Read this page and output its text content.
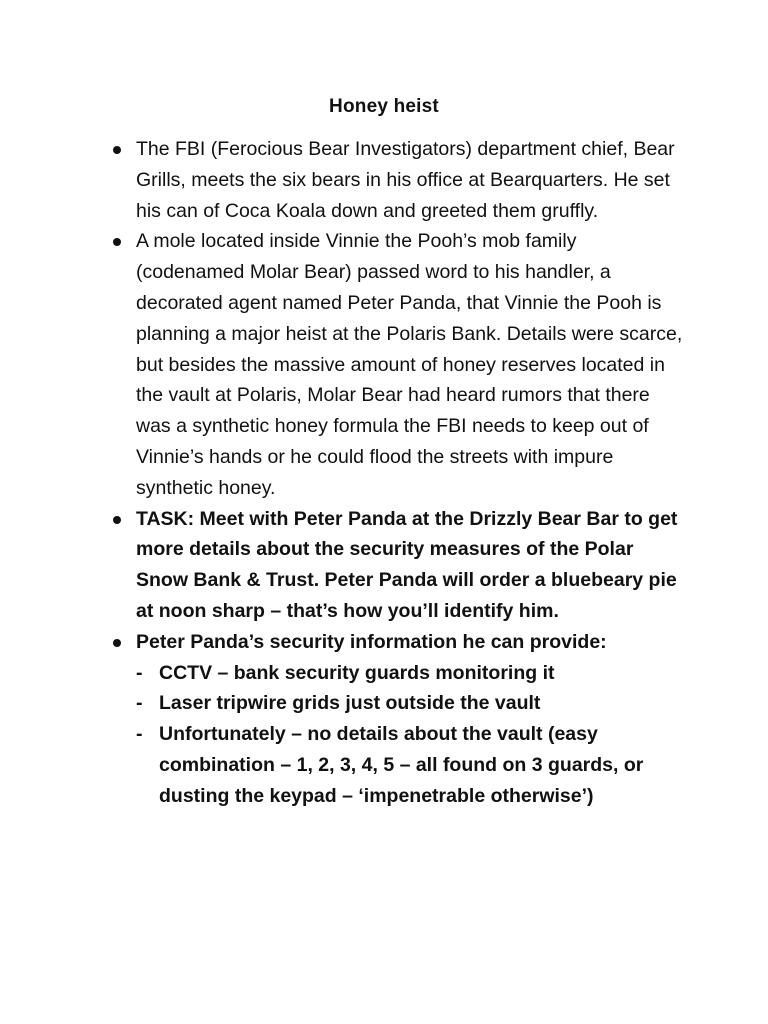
Honey heist
The FBI (Ferocious Bear Investigators) department chief, Bear Grills, meets the six bears in his office at Bearquarters. He set his can of Coca Koala down and greeted them gruffly.
A mole located inside Vinnie the Pooh’s mob family (codenamed Molar Bear) passed word to his handler, a decorated agent named Peter Panda, that Vinnie the Pooh is planning a major heist at the Polaris Bank. Details were scarce, but besides the massive amount of honey reserves located in the vault at Polaris, Molar Bear had heard rumors that there was a synthetic honey formula the FBI needs to keep out of Vinnie’s hands or he could flood the streets with impure synthetic honey.
TASK: Meet with Peter Panda at the Drizzly Bear Bar to get more details about the security measures of the Polar Snow Bank & Trust. Peter Panda will order a bluebeary pie at noon sharp – that’s how you’ll identify him.
Peter Panda’s security information he can provide:
- CCTV – bank security guards monitoring it
- Laser tripwire grids just outside the vault
- Unfortunately – no details about the vault (easy combination – 1, 2, 3, 4, 5 – all found on 3 guards, or dusting the keypad – ‘impenetrable otherwise’)
